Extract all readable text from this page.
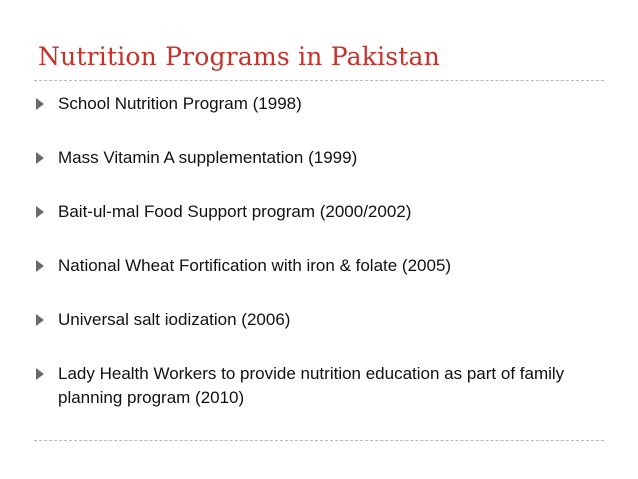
Nutrition Programs in Pakistan
School Nutrition Program (1998)
Mass Vitamin A supplementation (1999)
Bait-ul-mal Food Support program (2000/2002)
National Wheat Fortification with iron & folate (2005)
Universal salt iodization (2006)
Lady Health Workers to provide nutrition education as part of family planning program (2010)
